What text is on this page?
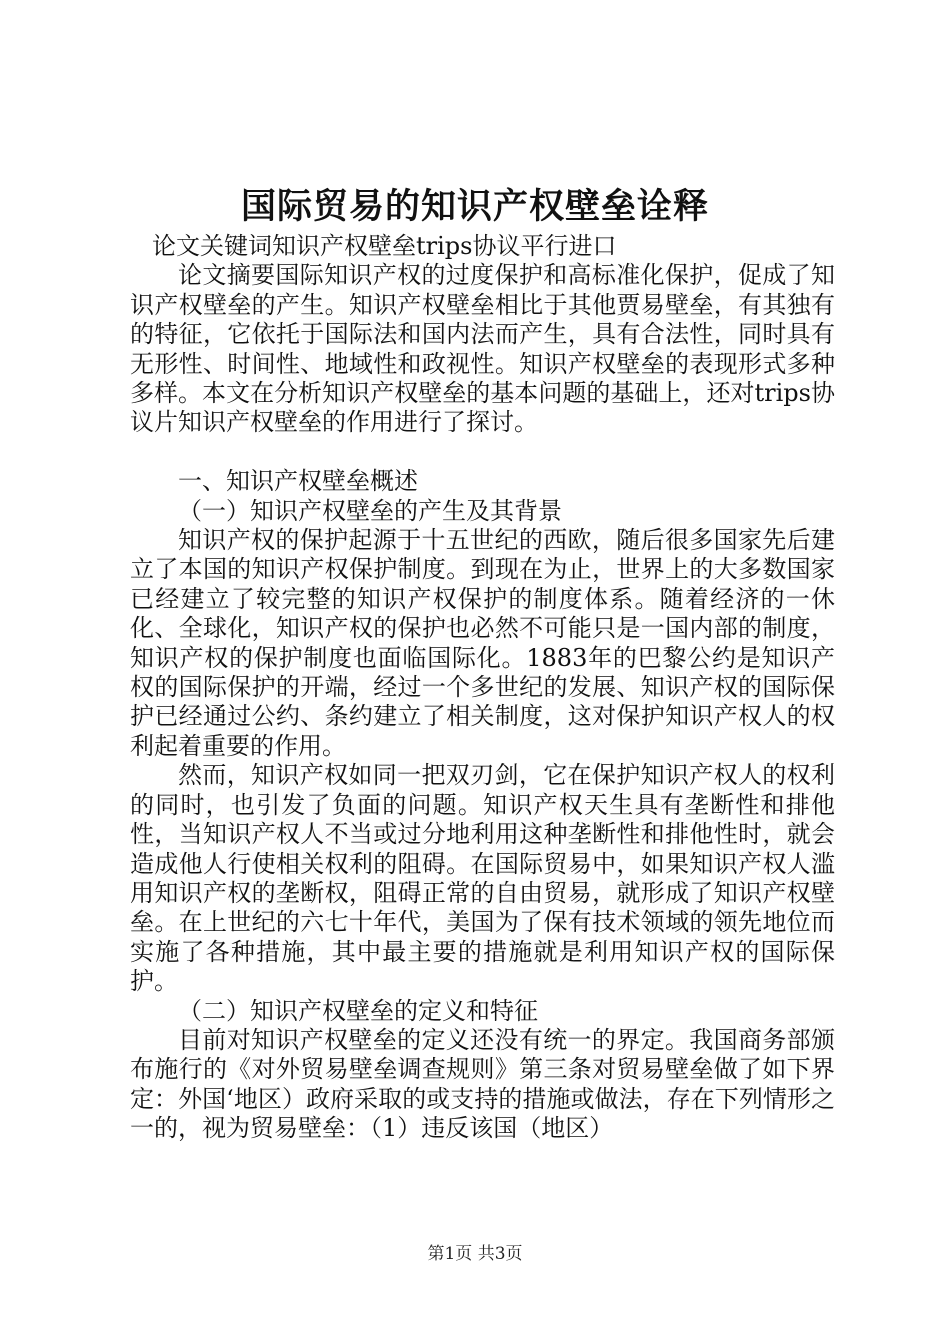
国际贸易的知识产权壁垒诠释

论文关键词知识产权壁垒trips协议平行进口

论文摘要国际知识产权的过度保护和高标准化保护，促成了知识产权壁垒的产生。知识产权壁垒相比于其他贾易壁垒，有其独有的特征，它依托于国际法和国内法而产生，具有合法性，同时具有无形性、时间性、地域性和政视性。知识产权壁垒的表现形式多种多样。本文在分析知识产权壁垒的基本问题的基础上，还对trips协议片知识产权壁垒的作用进行了探讨。

一、知识产权壁垒概述

（一）知识产权壁垒的产生及其背景

知识产权的保护起源于十五世纪的西欧，随后很多国家先后建立了本国的知识产权保护制度。到现在为止，世界上的大多数国家已经建立了较完整的知识产权保护的制度体系。随着经济的一休化、全球化，知识产权的保护也必然不可能只是一国内部的制度，知识产权的保护制度也面临国际化。1883年的巴黎公约是知识产权的国际保护的开端，经过一个多世纪的发展、知识产权的国际保护已经通过公约、条约建立了相关制度，这对保护知识产权人的权利起着重要的作用。

然而，知识产权如同一把双刃剑，它在保护知识产权人的权利的同时，也引发了负面的问题。知识产权天生具有垄断性和排他性，当知识产权人不当或过分地利用这种垄断性和排他性时，就会造成他人行使相关权利的阻碍。在国际贸易中，如果知识产权人滥用知识产权的垄断权，阻碍正常的自由贸易，就形成了知识产权壁垒。在上世纪的六七十年代，美国为了保有技术领域的领先地位而实施了各种措施，其中最主要的措施就是利用知识产权的国际保护。

（二）知识产权壁垒的定义和特征

目前对知识产权壁垒的定义还没有统一的界定。我国商务部颁布施行的《对外贸易壁垒调查规则》第三条对贸易壁垒做了如下界定：外国‘地区）政府采取的或支持的措施或做法，存在下列情形之一的，视为贸易壁垒：（1）违反该国（地区）

第1页 共3页
